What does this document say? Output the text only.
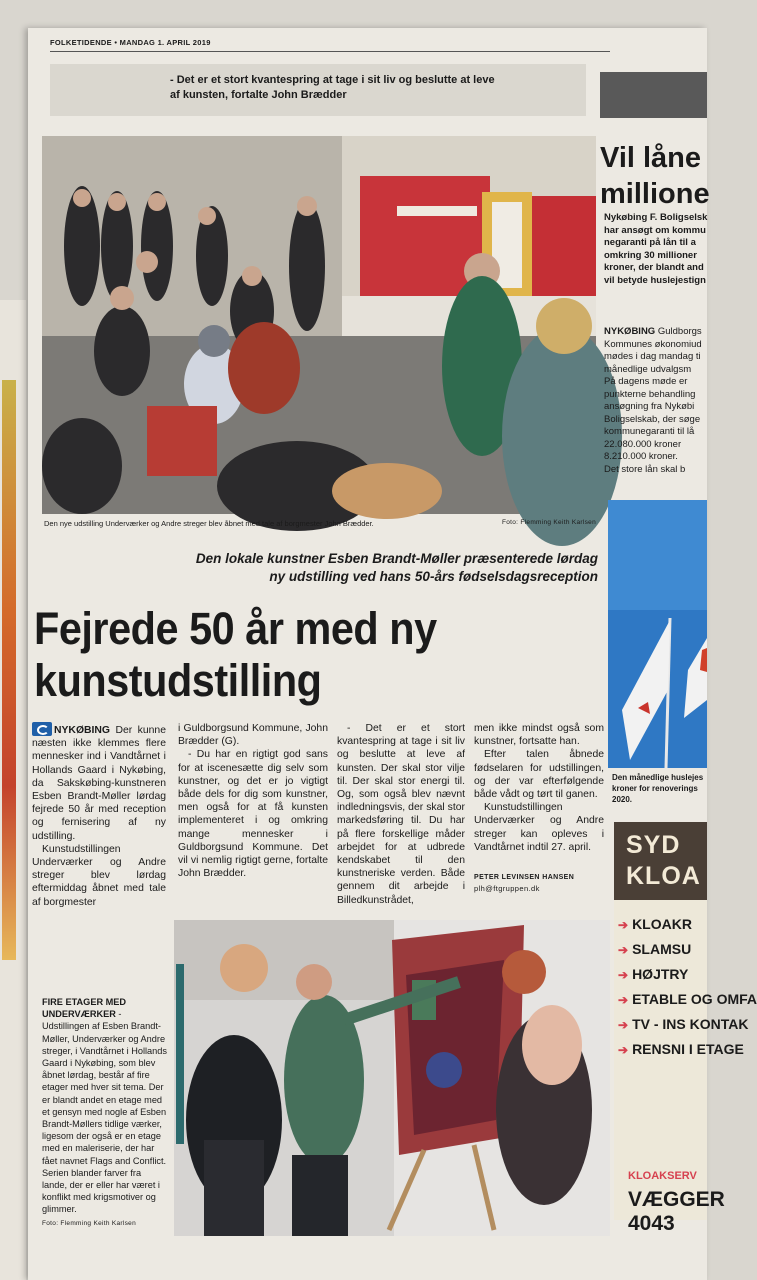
FOLKETIDENDE • MANDAG 1. APRIL 2019
- Det er et stort kvantespring at tage i sit liv og beslutte at leve af kunsten, fortalte John Brædder
Den nye udstilling Underværker og Andre streger blev åbnet med tale af borgmester John Brædder.	Foto: Flemming Keith Karlsen
Den lokale kunstner Esben Brandt-Møller præsenterede lørdag
ny udstilling ved hans 50-års fødselsdagsreception
Fejrede 50 år med ny
kunstudstilling

NYKØBING Der kunne næsten ikke klemmes flere mennesker ind i Vandtårnet i Hollands Gaard i Nykøbing, da Sakskøbing-kunstneren Esben Brandt-Møller lørdag fejrede 50 år med reception og fernisering af ny udstilling.

Kunstudstillingen Underværker og Andre streger blev lørdag eftermiddag åbnet med tale af borgmester

i Guldborgsund Kommune, John Brædder (G).

- Du har en rigtigt god sans for at iscenesætte dig selv som kunstner, og det er jo vigtigt både dels for dig som kunstner, men også for at få kunsten implementeret i og omkring mange mennesker i Guldborgsund Kommune. Det vil vi nemlig rigtigt gerne, fortalte John Brædder.

- Det er et stort kvantespring at tage i sit liv og beslutte at leve af kunsten. Der skal stor vilje til. Der skal stor energi til. Og, som også blev nævnt indledningsvis, der skal stor markedsføring til. Du har på flere forskellige måder arbejdet for at udbrede kendskabet til den kunstneriske verden. Både gennem dit arbejde i Billedkunstrådet,

men ikke mindst også som kunstner, fortsatte han.

Efter talen åbnede fødselaren for udstillingen, og der var efterfølgende både vådt og tørt til ganen.

Kunstudstillingen Underværker og Andre streger kan opleves i Vandtårnet indtil 27. april.

PETER LEVINSEN HANSEN
plh@ftgruppen.dk
FIRE ETAGER MED UNDERVÆRKER - Udstillingen af Esben Brandt-Møller, Underværker og Andre streger, i Vandtårnet i Hollands Gaard i Nykøbing, som blev åbnet lørdag, består af fire etager med hver sit tema. Der er blandt andet en etage med et gensyn med nogle af Esben Brandt-Møllers tidlige værker, ligesom der også er en etage med en maleriserie, der har fået navnet Flags and Conflict. Serien blander farver fra lande, der er eller har været i konflikt med krigsmotiver og glimmer.
Foto: Flemming Keith Karlsen
Vil låne
millione
Nykøbing F. Boligselsk
har ansøgt om kommu
negaranti på lån til a
omkring 30 millioner
kroner, der blandt and
vil betyde huslejestign
NYKØBING Guldborgs
Kommunes økonomiud
mødes i dag mandag ti
månedlige udvalgsm
På dagens møde er
punkterne behandling
ansøgning fra Nykøbi
Boligselskab, der søge
kommunegaranti til lå
22.080.000 kroner
8.210.000 kroner.
Det store lån skal b
Den månedlige huslejes
kroner for renoverings
2020.
SYD
KLOA
➔ KLOAKR
➔ SLAMSU
➔ HØJTRY
➔ ETABLE OG OMFA
➔ TV - INS KONTAK
➔ RENSNI I ETAGE
KLOAKSERV
VÆGGER
4043
